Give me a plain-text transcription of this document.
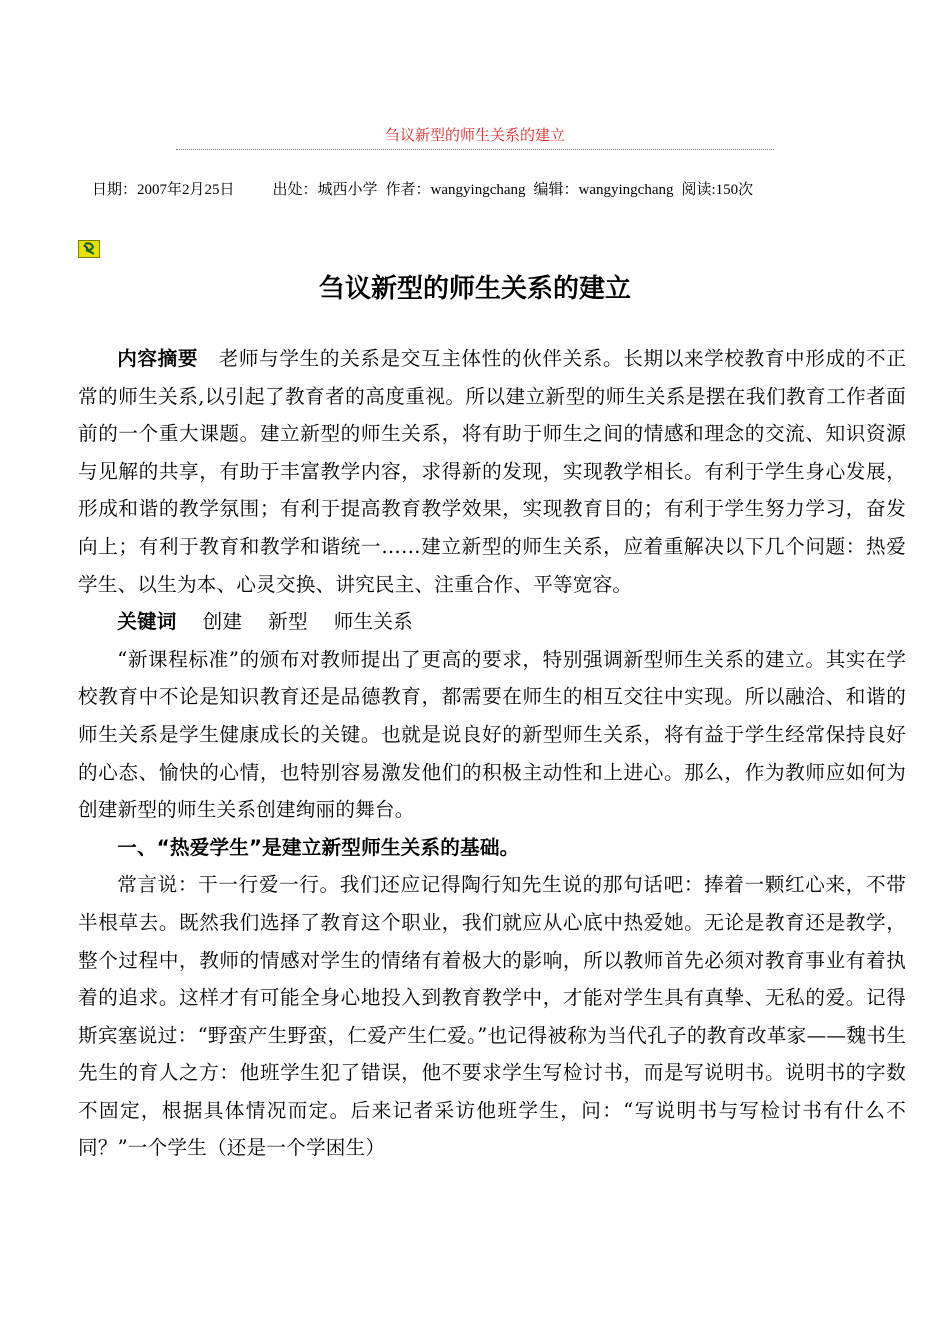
刍议新型的师生关系的建立
日期：2007年2月25日	出处：城西小学 作者：wangyingchang 编辑：wangyingchang 阅读:150次
刍议新型的师生关系的建立

内容摘要 老师与学生的关系是交互主体性的伙伴关系。长期以来学校教育中形成的不正常的师生关系,以引起了教育者的高度重视。所以建立新型的师生关系是摆在我们教育工作者面前的一个重大课题。建立新型的师生关系，将有助于师生之间的情感和理念的交流、知识资源与见解的共享，有助于丰富教学内容，求得新的发现，实现教学相长。有利于学生身心发展，形成和谐的教学氛围；有利于提高教育教学效果，实现教育目的；有利于学生努力学习，奋发向上；有利于教育和教学和谐统一……建立新型的师生关系，应着重解决以下几个问题：热爱学生、以生为本、心灵交换、讲究民主、注重合作、平等宽容。

关键词 创建 新型 师生关系

“新课程标准”的颁布对教师提出了更高的要求，特别强调新型师生关系的建立。其实在学校教育中不论是知识教育还是品德教育，都需要在师生的相互交往中实现。所以融洽、和谐的师生关系是学生健康成长的关键。也就是说良好的新型师生关系，将有益于学生经常保持良好的心态、愉快的心情，也特别容易激发他们的积极主动性和上进心。那么，作为教师应如何为创建新型的师生关系创建绚丽的舞台。

一、“热爱学生”是建立新型师生关系的基础。

常言说：干一行爱一行。我们还应记得陶行知先生说的那句话吧：捧着一颗红心来，不带半根草去。既然我们选择了教育这个职业，我们就应从心底中热爱她。无论是教育还是教学，整个过程中，教师的情感对学生的情绪有着极大的影响，所以教师首先必须对教育事业有着执着的追求。这样才有可能全身心地投入到教育教学中，才能对学生具有真挚、无私的爱。记得斯宾塞说过：“野蛮产生野蛮，仁爱产生仁爱。”也记得被称为当代孔子的教育改革家——魏书生先生的育人之方：他班学生犯了错误，他不要求学生写检讨书，而是写说明书。说明书的字数不固定，根据具体情况而定。后来记者采访他班学生，问：“写说明书与写检讨书有什么不同？”一个学生（还是一个学困生）
